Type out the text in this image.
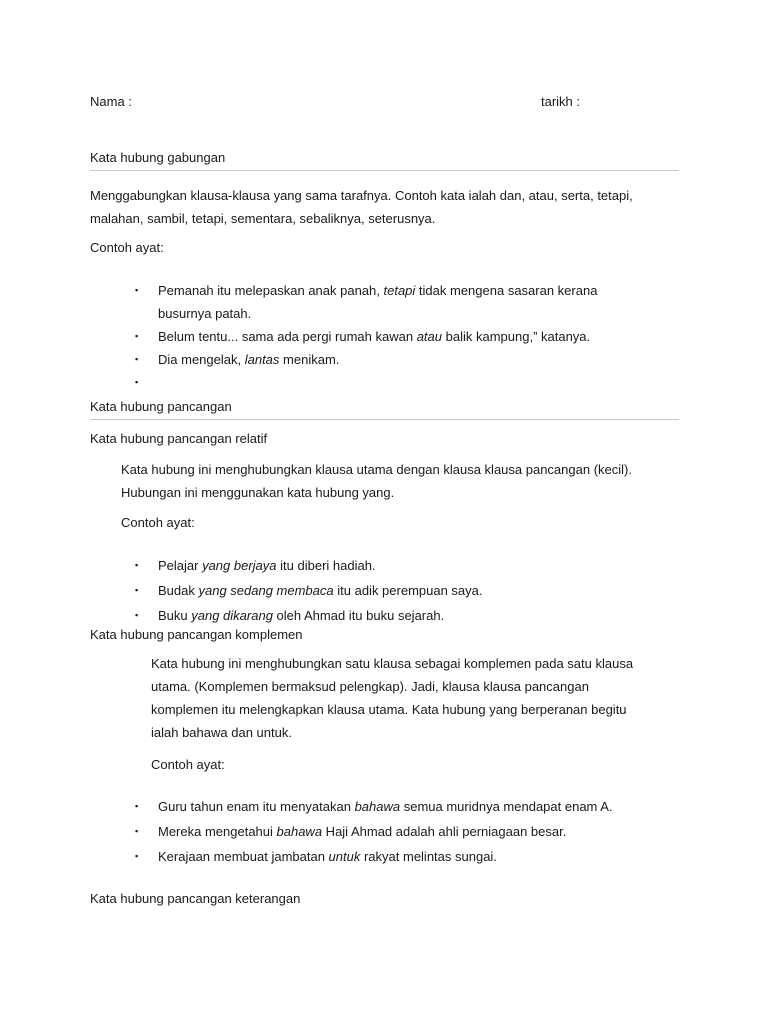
Nama :	tarikh :
Kata hubung gabungan
Menggabungkan klausa-klausa yang sama tarafnya. Contoh kata ialah dan, atau, serta, tetapi,
malahan, sambil, tetapi, sementara, sebaliknya, seterusnya.
Contoh ayat:
▪ Pemanah itu melepaskan anak panah, tetapi tidak mengena sasaran kerana
busurnya patah.
▪ Belum tentu... sama ada pergi rumah kawan atau balik kampung,” katanya.
▪ Dia mengelak, lantas menikam.
▪

Kata hubung pancangan
Kata hubung pancangan relatif
Kata hubung ini menghubungkan klausa utama dengan klausa klausa pancangan (kecil).
Hubungan ini menggunakan kata hubung yang.
Contoh ayat:
▪ Pelajar yang berjaya itu diberi hadiah.
▪ Budak yang sedang membaca itu adik perempuan saya.
▪ Buku yang dikarang oleh Ahmad itu buku sejarah.
Kata hubung pancangan komplemen
Kata hubung ini menghubungkan satu klausa sebagai komplemen pada satu klausa
utama. (Komplemen bermaksud pelengkap). Jadi, klausa klausa pancangan
komplemen itu melengkapkan klausa utama. Kata hubung yang berperanan begitu
ialah bahawa dan untuk.
Contoh ayat:
▪ Guru tahun enam itu menyatakan bahawa semua muridnya mendapat enam A.
▪ Mereka mengetahui bahawa Haji Ahmad adalah ahli perniagaan besar.
▪ Kerajaan membuat jambatan untuk rakyat melintas sungai.
Kata hubung pancangan keterangan
